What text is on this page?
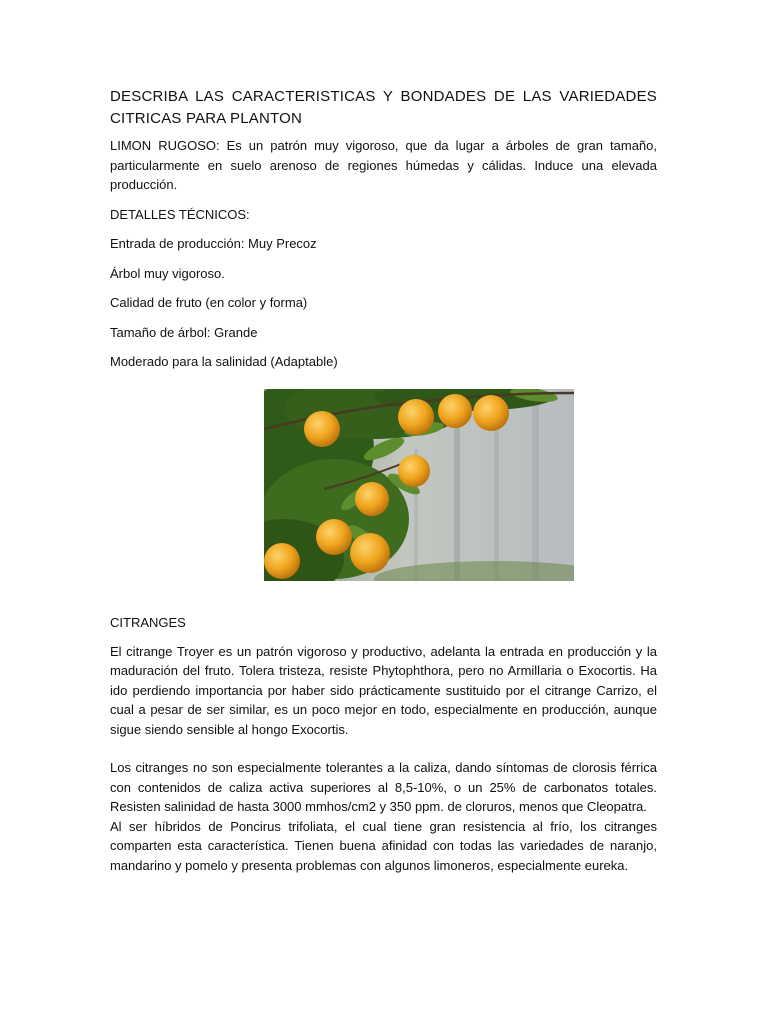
DESCRIBA LAS CARACTERISTICAS Y BONDADES DE LAS VARIEDADES
CITRICAS PARA PLANTON

LIMON RUGOSO: Es un patrón muy vigoroso, que da lugar a árboles de gran tamaño, particularmente en suelo arenoso de regiones húmedas y cálidas. Induce una elevada producción.

DETALLES TÉCNICOS:

Entrada de producción: Muy Precoz

Árbol muy vigoroso.

Calidad de fruto (en color y forma)

Tamaño de árbol: Grande

Moderado para la salinidad (Adaptable)

CITRANGES

El citrange Troyer es un patrón vigoroso y productivo, adelanta la entrada en producción y la maduración del fruto. Tolera tristeza, resiste Phytophthora, pero no Armillaria o Exocortis. Ha ido perdiendo importancia por haber sido prácticamente sustituido por el citrange Carrizo, el cual a pesar de ser similar, es un poco mejor en todo, especialmente en producción, aunque sigue siendo sensible al hongo Exocortis.

Los citranges no son especialmente tolerantes a la caliza, dando síntomas de clorosis férrica con contenidos de caliza activa superiores al 8,5-10%, o un 25% de carbonatos totales. Resisten salinidad de hasta 3000 mmhos/cm2 y 350 ppm. de cloruros, menos que Cleopatra.

Al ser híbridos de Poncirus trifoliata, el cual tiene gran resistencia al frío, los citranges comparten esta característica. Tienen buena afinidad con todas las variedades de naranjo, mandarino y pomelo y presenta problemas con algunos limoneros, especialmente eureka.
